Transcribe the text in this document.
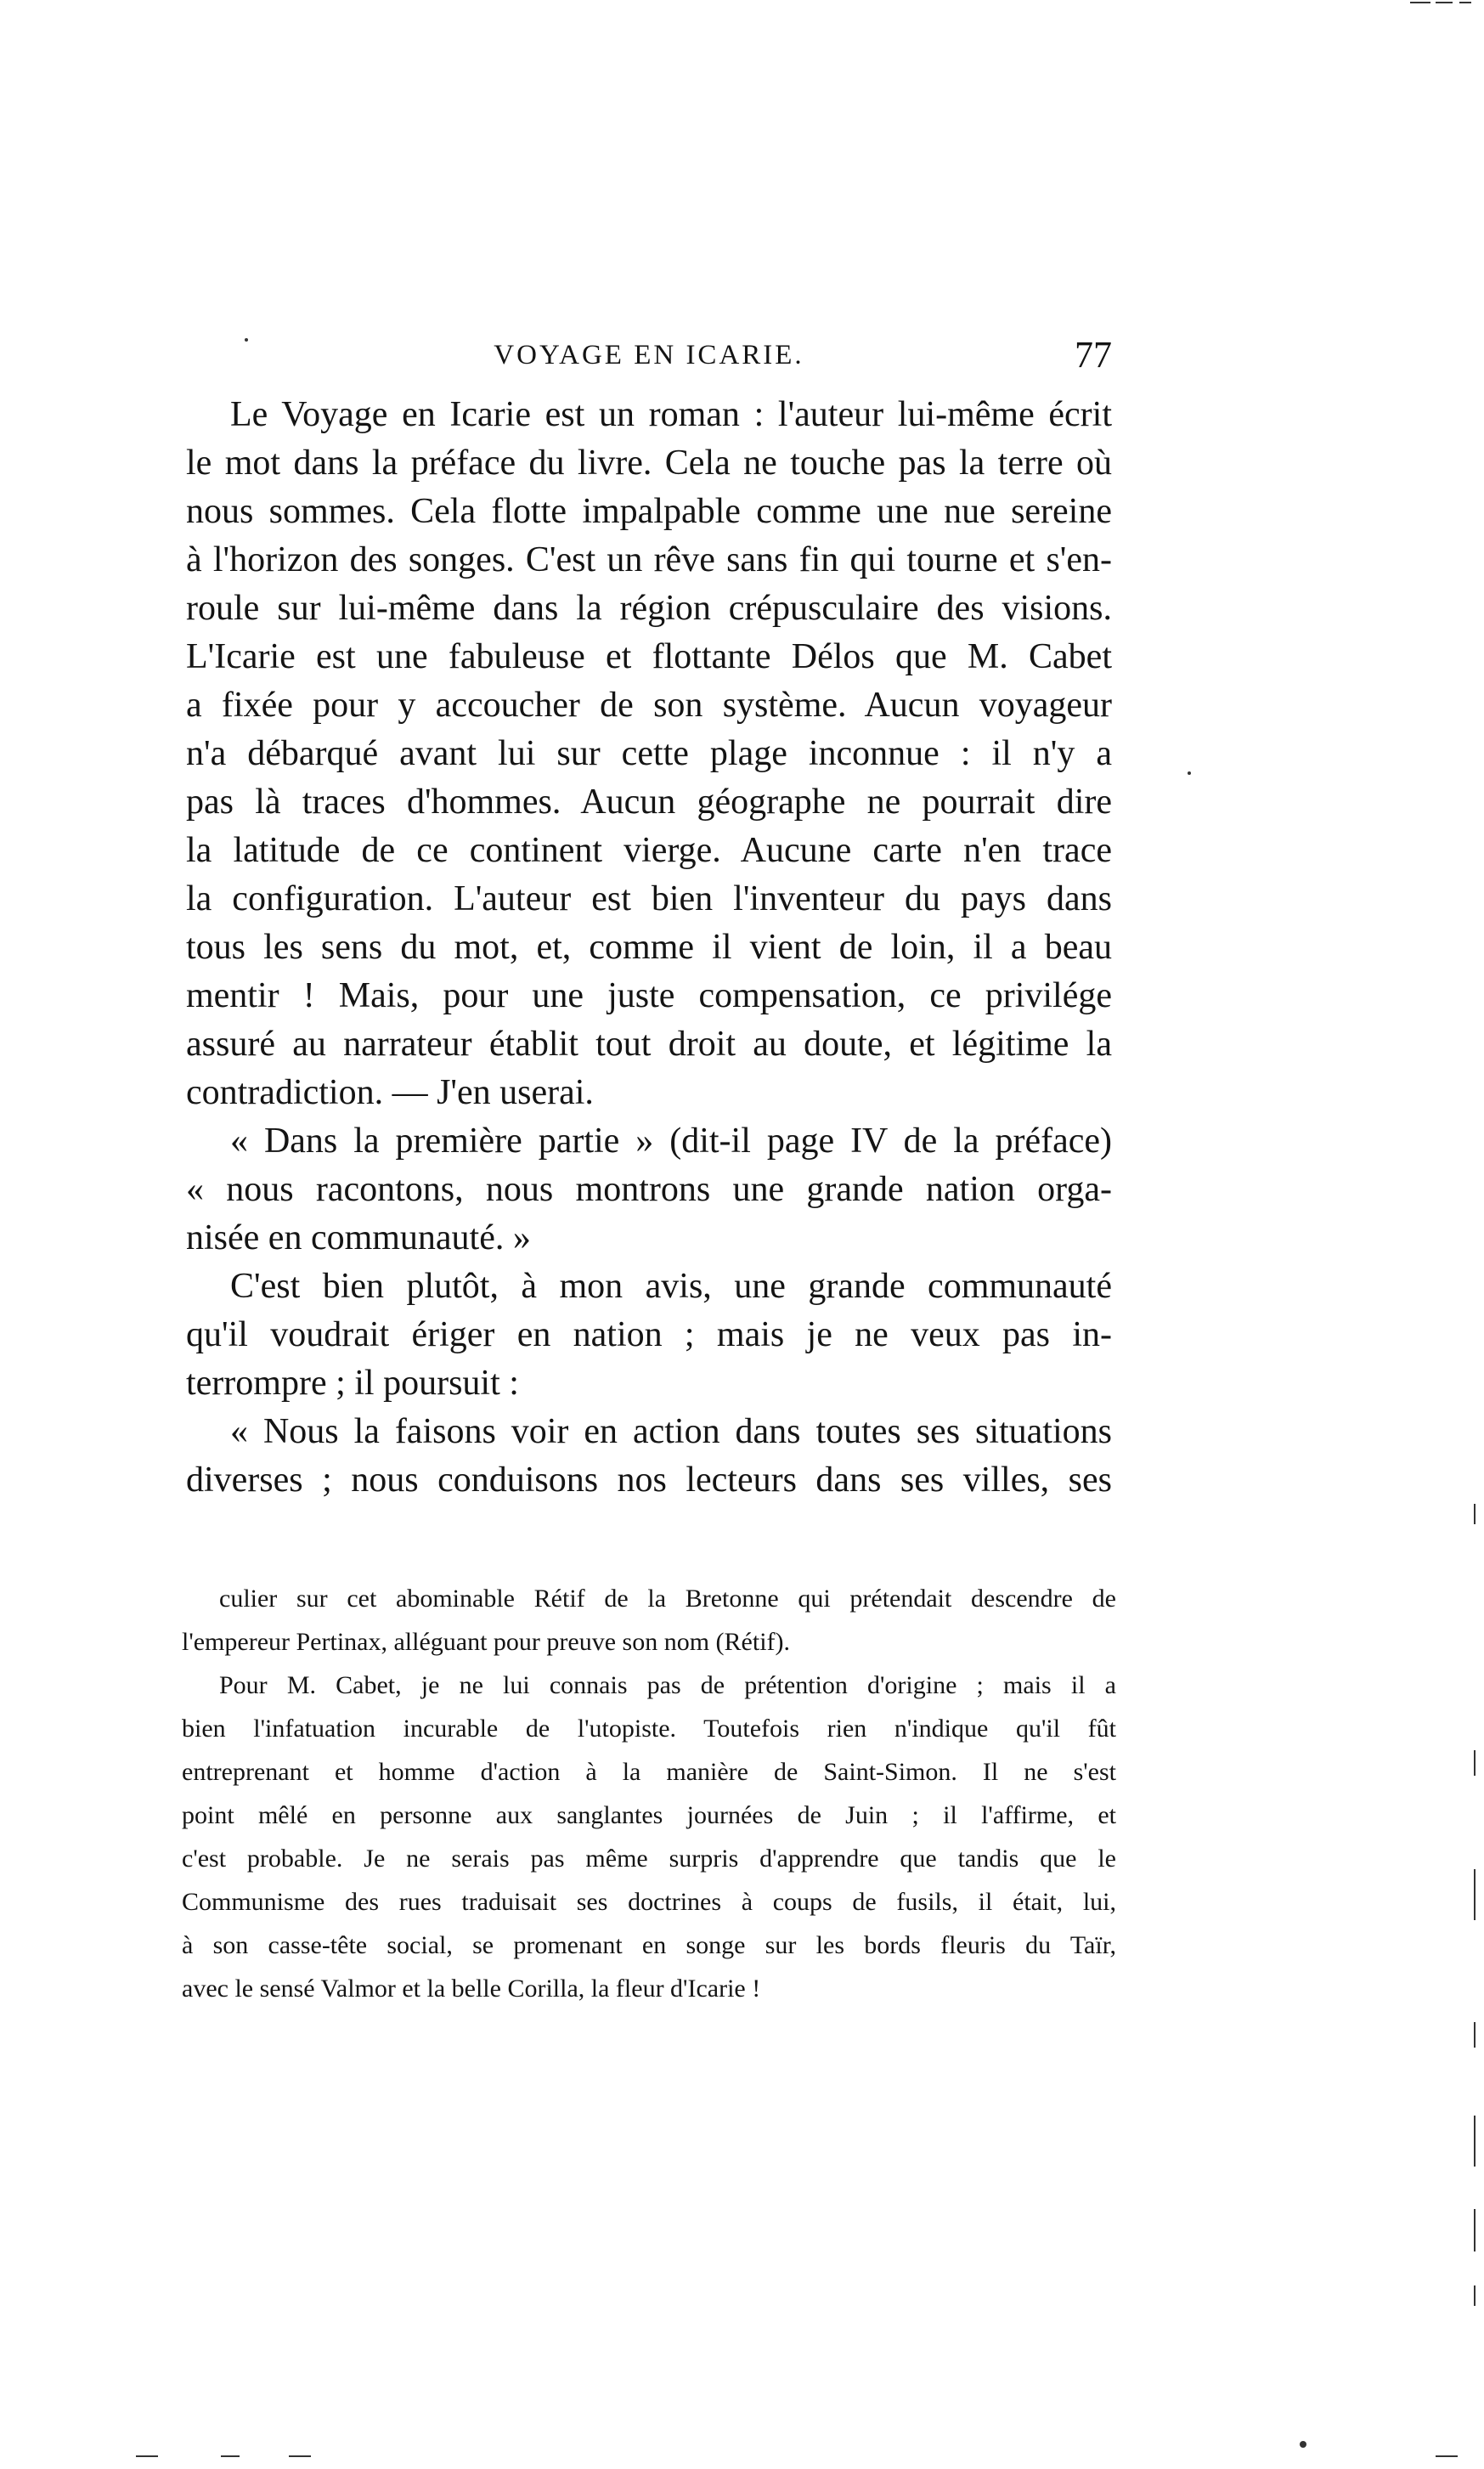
VOYAGE EN ICARIE.	77
Le Voyage en Icarie est un roman : l'auteur lui-même écrit
le mot dans la préface du livre. Cela ne touche pas la terre où
nous sommes. Cela flotte impalpable comme une nue sereine
à l'horizon des songes. C'est un rêve sans fin qui tourne et s'en-
roule sur lui-même dans la région crépusculaire des visions.
L'Icarie est une fabuleuse et flottante Délos que M. Cabet
a fixée pour y accoucher de son système. Aucun voyageur
n'a débarqué avant lui sur cette plage inconnue : il n'y a
pas là traces d'hommes. Aucun géographe ne pourrait dire
la latitude de ce continent vierge. Aucune carte n'en trace
la configuration. L'auteur est bien l'inventeur du pays dans
tous les sens du mot, et, comme il vient de loin, il a beau
mentir ! Mais, pour une juste compensation, ce privilége
assuré au narrateur établit tout droit au doute, et légitime la
contradiction. — J'en userai.
« Dans la première partie » (dit-il page IV de la préface)
« nous racontons, nous montrons une grande nation orga-
nisée en communauté. »
C'est bien plutôt, à mon avis, une grande communauté
qu'il voudrait ériger en nation ; mais je ne veux pas in-
terrompre ; il poursuit :
« Nous la faisons voir en action dans toutes ses situations
diverses ; nous conduisons nos lecteurs dans ses villes, ses
culier sur cet abominable Rétif de la Bretonne qui prétendait descendre de
l'empereur Pertinax, alléguant pour preuve son nom (Rétif).
Pour M. Cabet, je ne lui connais pas de prétention d'origine ; mais il a
bien l'infatuation incurable de l'utopiste. Toutefois rien n'indique qu'il fût
entreprenant et homme d'action à la manière de Saint-Simon. Il ne s'est
point mêlé en personne aux sanglantes journées de Juin ; il l'affirme, et
c'est probable. Je ne serais pas même surpris d'apprendre que tandis que le
Communisme des rues traduisait ses doctrines à coups de fusils, il était, lui,
à son casse-tête social, se promenant en songe sur les bords fleuris du Taïr,
avec le sensé Valmor et la belle Corilla, la fleur d'Icarie !
